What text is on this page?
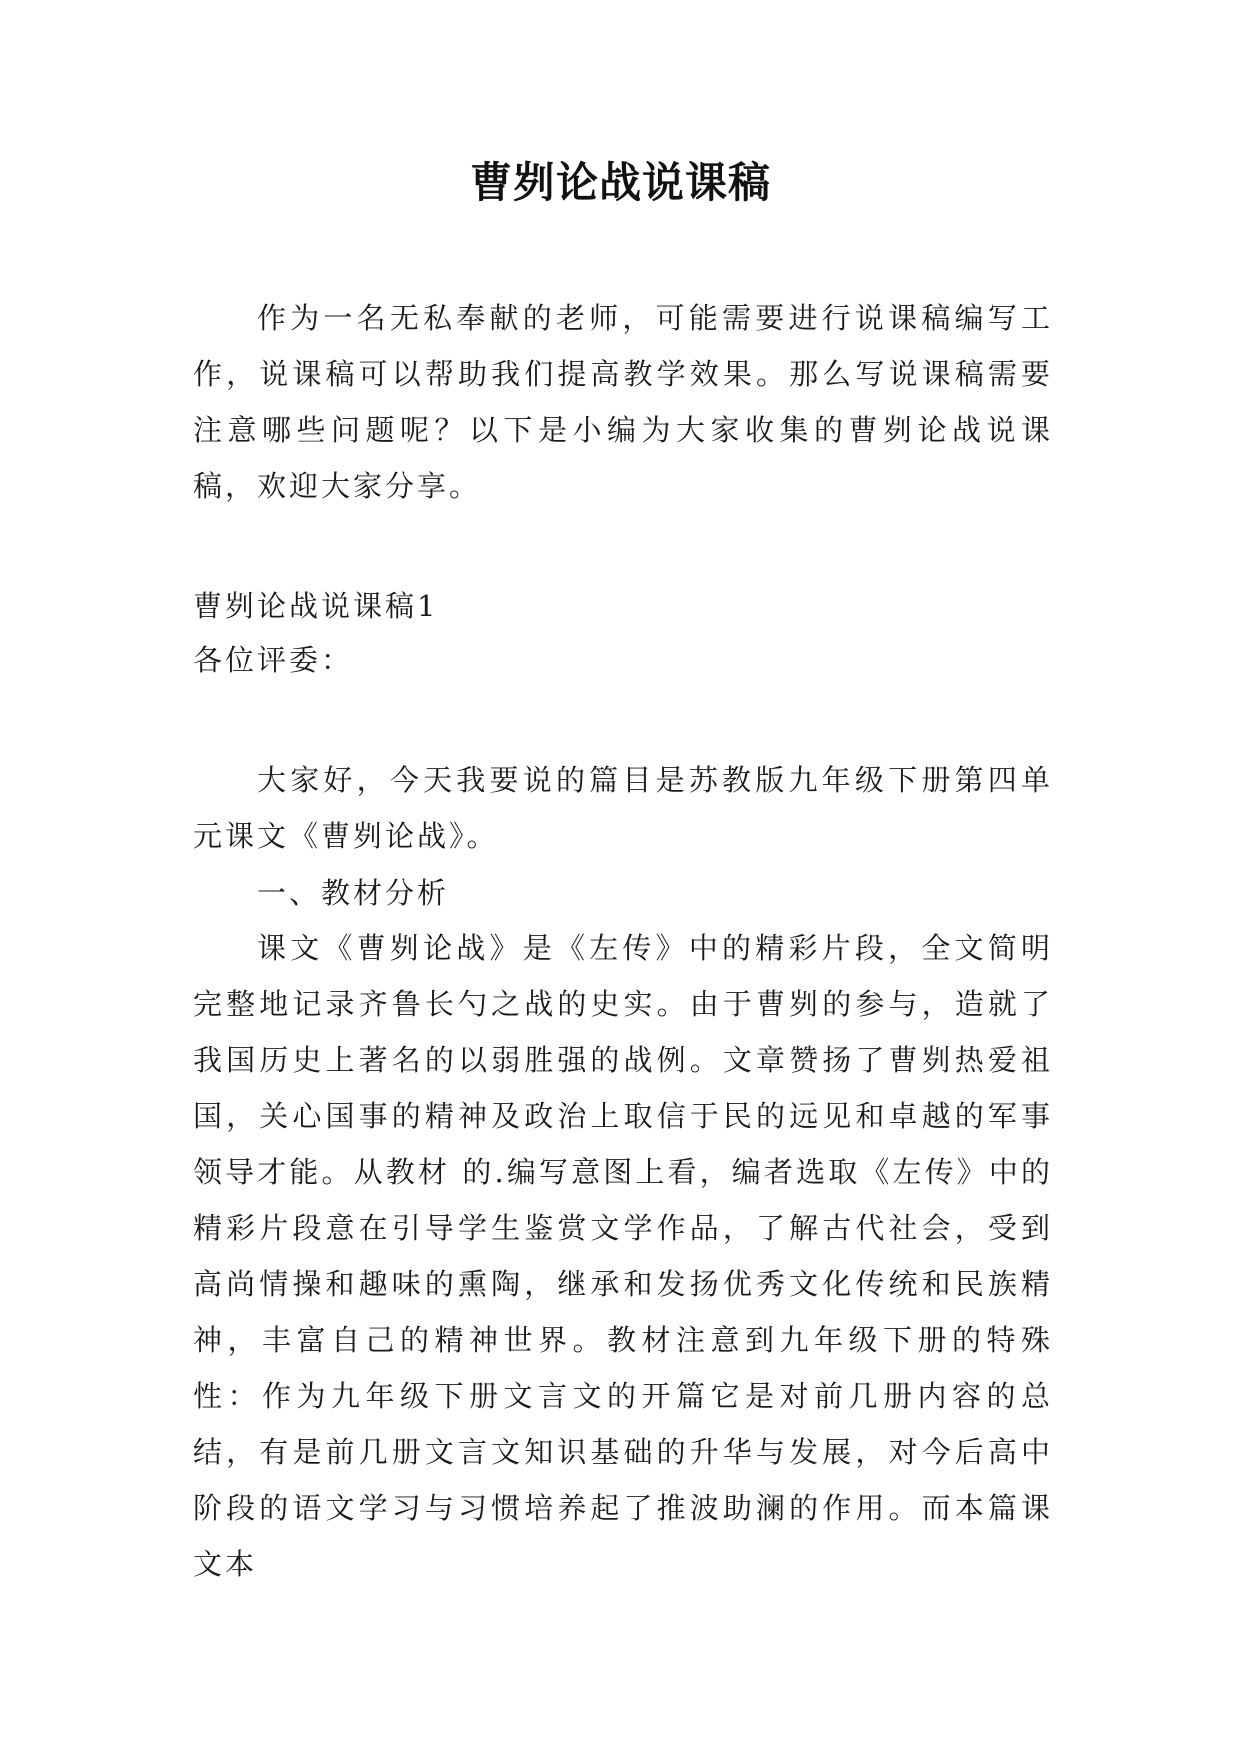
曹刿论战说课稿

作为一名无私奉献的老师，可能需要进行说课稿编写工作，说课稿可以帮助我们提高教学效果。那么写说课稿需要注意哪些问题呢？以下是小编为大家收集的曹刿论战说课稿，欢迎大家分享。

曹刿论战说课稿1

各位评委：

大家好，今天我要说的篇目是苏教版九年级下册第四单元课文《曹刿论战》。

一、教材分析

课文《曹刿论战》是《左传》中的精彩片段，全文简明完整地记录齐鲁长勺之战的史实。由于曹刿的参与，造就了我国历史上著名的以弱胜强的战例。文章赞扬了曹刿热爱祖国，关心国事的精神及政治上取信于民的远见和卓越的军事领导才能。从教材 的.编写意图上看，编者选取《左传》中的精彩片段意在引导学生鉴赏文学作品，了解古代社会，受到高尚情操和趣味的熏陶，继承和发扬优秀文化传统和民族精神，丰富自己的精神世界。教材注意到九年级下册的特殊性：作为九年级下册文言文的开篇它是对前几册内容的总结，有是前几册文言文知识基础的升华与发展，对今后高中阶段的语文学习与习惯培养起了推波助澜的作用。而本篇课文本
